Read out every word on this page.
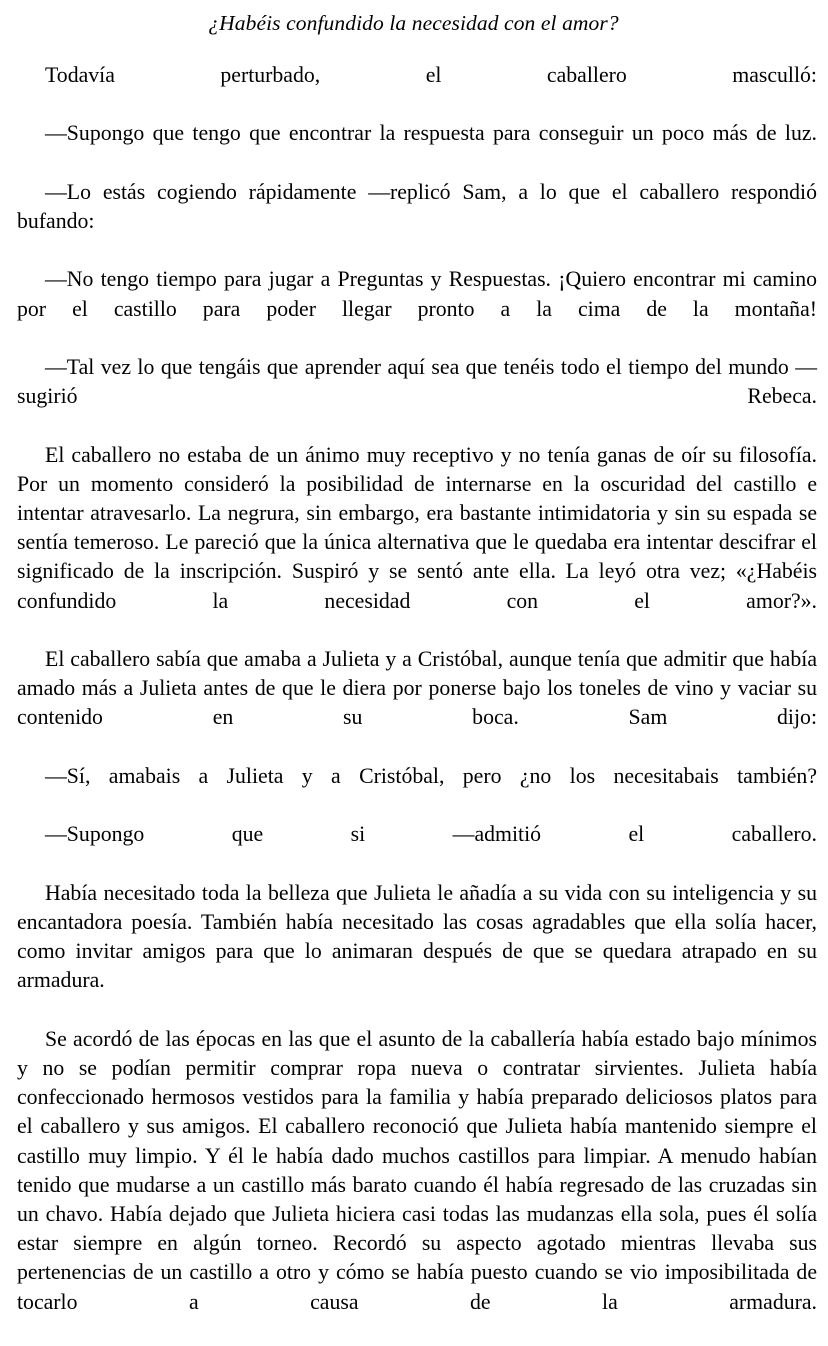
¿Habéis confundido la necesidad con el amor?

Todavía perturbado, el caballero masculló:

—Supongo que tengo que encontrar la respuesta para conseguir un poco más de luz.

—Lo estás cogiendo rápidamente —replicó Sam, a lo que el caballero respondió bufando:

—No tengo tiempo para jugar a Preguntas y Respuestas. ¡Quiero encontrar mi camino por el castillo para poder llegar pronto a la cima de la montaña!

—Tal vez lo que tengáis que aprender aquí sea que tenéis todo el tiempo del mundo —sugirió Rebeca.

El caballero no estaba de un ánimo muy receptivo y no tenía ganas de oír su filosofía. Por un momento consideró la posibilidad de internarse en la oscuridad del castillo e intentar atravesarlo. La negrura, sin embargo, era bastante intimidatoria y sin su espada se sentía temeroso. Le pareció que la única alternativa que le quedaba era intentar descifrar el significado de la inscripción. Suspiró y se sentó ante ella. La leyó otra vez; «¿Habéis confundido la necesidad con el amor?».

El caballero sabía que amaba a Julieta y a Cristóbal, aunque tenía que admitir que había amado más a Julieta antes de que le diera por ponerse bajo los toneles de vino y vaciar su contenido en su boca. Sam dijo:

—Sí, amabais a Julieta y a Cristóbal, pero ¿no los necesitabais también?

—Supongo que si —admitió el caballero.

Había necesitado toda la belleza que Julieta le añadía a su vida con su inteligencia y su encantadora poesía. También había necesitado las cosas agradables que ella solía hacer, como invitar amigos para que lo animaran después de que se quedara atrapado en su armadura.

Se acordó de las épocas en las que el asunto de la caballería había estado bajo mínimos y no se podían permitir comprar ropa nueva o contratar sirvientes. Julieta había confeccionado hermosos vestidos para la familia y había preparado deliciosos platos para el caballero y sus amigos. El caballero reconoció que Julieta había mantenido siempre el castillo muy limpio. Y él le había dado muchos castillos para limpiar. A menudo habían tenido que mudarse a un castillo más barato cuando él había regresado de las cruzadas sin un chavo. Había dejado que Julieta hiciera casi todas las mudanzas ella sola, pues él solía estar siempre en algún torneo. Recordó su aspecto agotado mientras llevaba sus pertenencias de un castillo a otro y cómo se había puesto cuando se vio imposibilitada de tocarlo a causa de la armadura.
